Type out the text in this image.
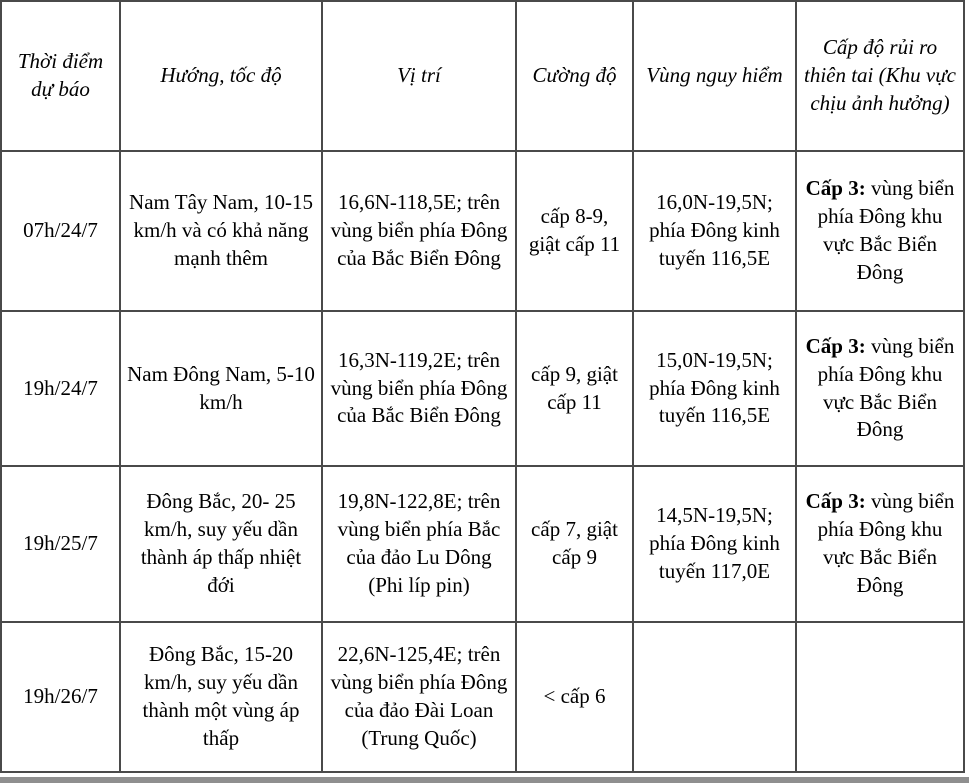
Thời điểm dự báo	Hướng, tốc độ	Vị trí	Cường độ	Vùng nguy hiểm	Cấp độ rủi ro thiên tai (Khu vực chịu ảnh hưởng)
07h/24/7	Nam Tây Nam, 10-15 km/h và có khả năng mạnh thêm	16,6N-118,5E; trên vùng biển phía Đông của Bắc Biển Đông	cấp 8-9, giật cấp 11	16,0N-19,5N; phía Đông kinh tuyến 116,5E	Cấp 3: vùng biển phía Đông khu vực Bắc Biển Đông
19h/24/7	Nam Đông Nam, 5-10 km/h	16,3N-119,2E; trên vùng biển phía Đông của Bắc Biển Đông	cấp 9, giật cấp 11	15,0N-19,5N; phía Đông kinh tuyến 116,5E	Cấp 3: vùng biển phía Đông khu vực Bắc Biển Đông
19h/25/7	Đông Bắc, 20- 25 km/h, suy yếu dần thành áp thấp nhiệt đới	19,8N-122,8E; trên vùng biển phía Bắc của đảo Lu Dông (Phi líp pin)	cấp 7, giật cấp 9	14,5N-19,5N; phía Đông kinh tuyến 117,0E	Cấp 3: vùng biển phía Đông khu vực Bắc Biển Đông
19h/26/7	Đông Bắc, 15-20 km/h, suy yếu dần thành một vùng áp thấp	22,6N-125,4E; trên vùng biển phía Đông của đảo Đài Loan (Trung Quốc)	< cấp 6		
